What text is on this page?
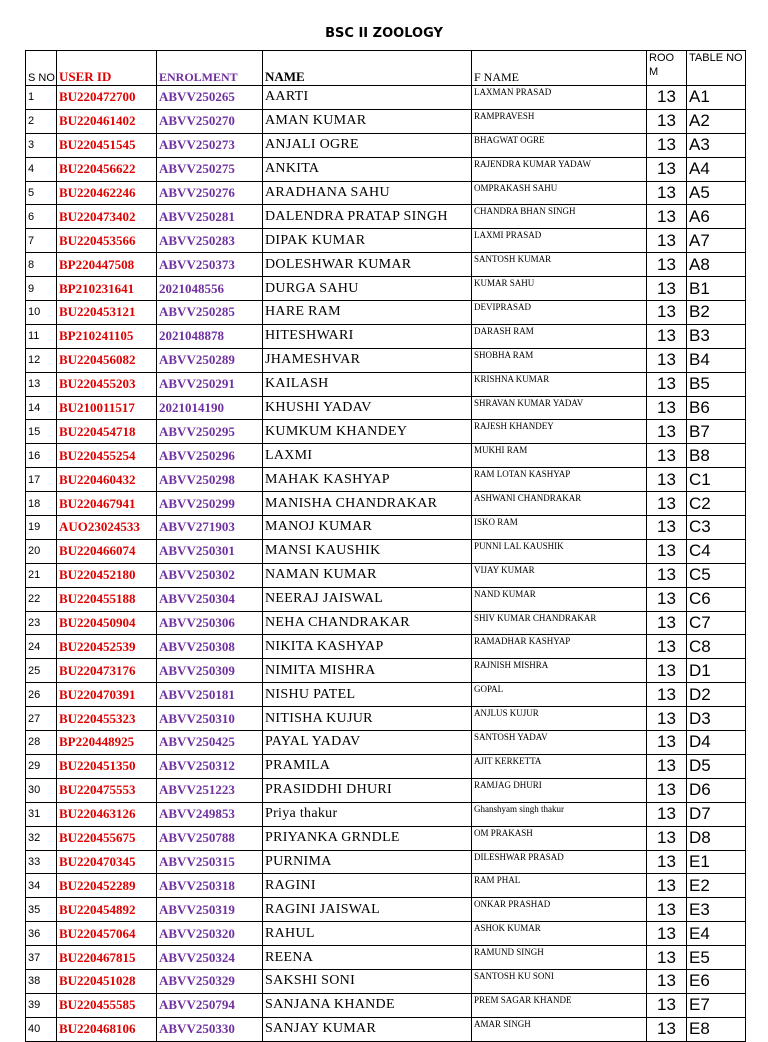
BSC II ZOOLOGY
S NO	USER ID	ENROLMENT	NAME	F NAME	ROO M	TABLE NO
1	BU220472700	ABVV250265	AARTI	LAXMAN PRASAD	13	A1
2	BU220461402	ABVV250270	AMAN KUMAR	RAMPRAVESH	13	A2
3	BU220451545	ABVV250273	ANJALI OGRE	BHAGWAT OGRE	13	A3
4	BU220456622	ABVV250275	ANKITA	RAJENDRA KUMAR YADAW	13	A4
5	BU220462246	ABVV250276	ARADHANA SAHU	OMPRAKASH SAHU	13	A5
6	BU220473402	ABVV250281	DALENDRA PRATAP SINGH	CHANDRA BHAN SINGH	13	A6
7	BU220453566	ABVV250283	DIPAK KUMAR	LAXMI PRASAD	13	A7
8	BP220447508	ABVV250373	DOLESHWAR KUMAR	SANTOSH KUMAR	13	A8
9	BP210231641	2021048556	DURGA SAHU	KUMAR SAHU	13	B1
10	BU220453121	ABVV250285	HARE RAM	DEVIPRASAD	13	B2
11	BP210241105	2021048878	HITESHWARI	DARASH RAM	13	B3
12	BU220456082	ABVV250289	JHAMESHVAR	SHOBHA RAM	13	B4
13	BU220455203	ABVV250291	KAILASH	KRISHNA KUMAR	13	B5
14	BU210011517	2021014190	KHUSHI YADAV	SHRAVAN KUMAR YADAV	13	B6
15	BU220454718	ABVV250295	KUMKUM KHANDEY	RAJESH KHANDEY	13	B7
16	BU220455254	ABVV250296	LAXMI	MUKHI RAM	13	B8
17	BU220460432	ABVV250298	MAHAK KASHYAP	RAM LOTAN KASHYAP	13	C1
18	BU220467941	ABVV250299	MANISHA CHANDRAKAR	ASHWANI CHANDRAKAR	13	C2
19	AUO23024533	ABVV271903	MANOJ KUMAR	ISKO RAM	13	C3
20	BU220466074	ABVV250301	MANSI KAUSHIK	PUNNI LAL KAUSHIK	13	C4
21	BU220452180	ABVV250302	NAMAN KUMAR	VIJAY KUMAR	13	C5
22	BU220455188	ABVV250304	NEERAJ JAISWAL	NAND KUMAR	13	C6
23	BU220450904	ABVV250306	NEHA CHANDRAKAR	SHIV KUMAR CHANDRAKAR	13	C7
24	BU220452539	ABVV250308	NIKITA KASHYAP	RAMADHAR KASHYAP	13	C8
25	BU220473176	ABVV250309	NIMITA MISHRA	RAJNISH MISHRA	13	D1
26	BU220470391	ABVV250181	NISHU PATEL	GOPAL	13	D2
27	BU220455323	ABVV250310	NITISHA KUJUR	ANJLUS KUJUR	13	D3
28	BP220448925	ABVV250425	PAYAL YADAV	SANTOSH YADAV	13	D4
29	BU220451350	ABVV250312	PRAMILA	AJIT KERKETTA	13	D5
30	BU220475553	ABVV251223	PRASIDDHI DHURI	RAMJAG DHURI	13	D6
31	BU220463126	ABVV249853	Priya thakur	Ghanshyam singh thakur	13	D7
32	BU220455675	ABVV250788	PRIYANKA GRNDLE	OM PRAKASH	13	D8
33	BU220470345	ABVV250315	PURNIMA	DILESHWAR PRASAD	13	E1
34	BU220452289	ABVV250318	RAGINI	RAM PHAL	13	E2
35	BU220454892	ABVV250319	RAGINI JAISWAL	ONKAR PRASHAD	13	E3
36	BU220457064	ABVV250320	RAHUL	ASHOK KUMAR	13	E4
37	BU220467815	ABVV250324	REENA	RAMUND SINGH	13	E5
38	BU220451028	ABVV250329	SAKSHI SONI	SANTOSH KU SONI	13	E6
39	BU220455585	ABVV250794	SANJANA KHANDE	PREM SAGAR KHANDE	13	E7
40	BU220468106	ABVV250330	SANJAY KUMAR	AMAR SINGH	13	E8
